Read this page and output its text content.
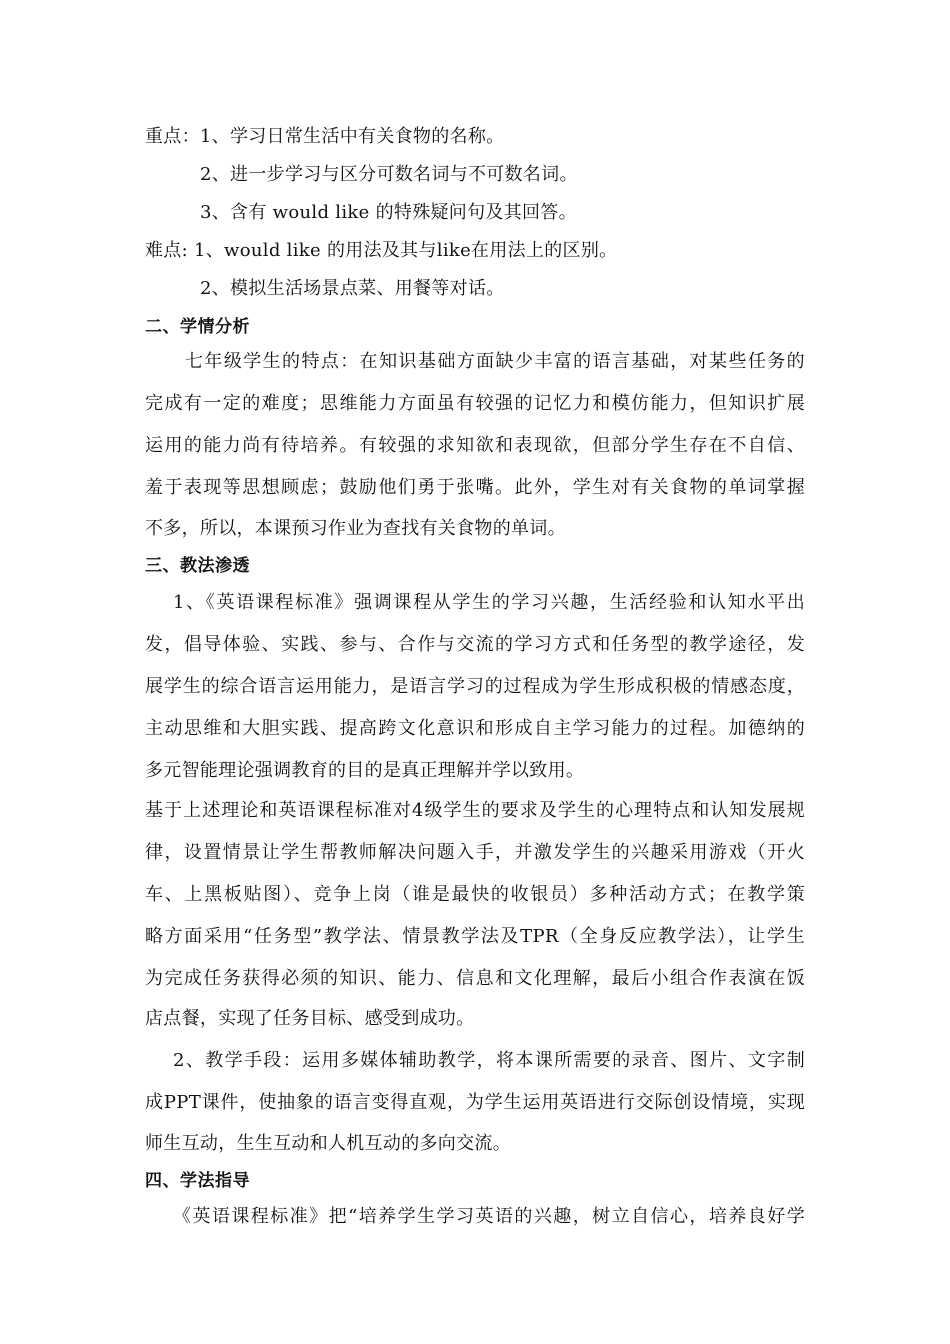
重点：1、学习日常生活中有关食物的名称。
2、进一步学习与区分可数名词与不可数名词。
3、含有 would like 的特殊疑问句及其回答。
难点: 1、would like 的用法及其与like在用法上的区别。
2、模拟生活场景点菜、用餐等对话。
二、学情分析
七年级学生的特点：在知识基础方面缺少丰富的语言基础，对某些任务的
完成有一定的难度；思维能力方面虽有较强的记忆力和模仿能力，但知识扩展
运用的能力尚有待培养。有较强的求知欲和表现欲，但部分学生存在不自信、
羞于表现等思想顾虑；鼓励他们勇于张嘴。此外，学生对有关食物的单词掌握
不多，所以，本课预习作业为查找有关食物的单词。
三、教法渗透
1、《英语课程标准》强调课程从学生的学习兴趣，生活经验和认知水平出
发，倡导体验、实践、参与、合作与交流的学习方式和任务型的教学途径，发
展学生的综合语言运用能力，是语言学习的过程成为学生形成积极的情感态度，
主动思维和大胆实践、提高跨文化意识和形成自主学习能力的过程。加德纳的
多元智能理论强调教育的目的是真正理解并学以致用。
基于上述理论和英语课程标准对4级学生的要求及学生的心理特点和认知发展规
律，设置情景让学生帮教师解决问题入手，并激发学生的兴趣采用游戏（开火
车、上黑板贴图）、竞争上岗（谁是最快的收银员）多种活动方式；在教学策
略方面采用“任务型”教学法、情景教学法及TPR（全身反应教学法），让学生
为完成任务获得必须的知识、能力、信息和文化理解，最后小组合作表演在饭
店点餐，实现了任务目标、感受到成功。
2、教学手段：运用多媒体辅助教学，将本课所需要的录音、图片、文字制
成PPT课件，使抽象的语言变得直观，为学生运用英语进行交际创设情境，实现
师生互动，生生互动和人机互动的多向交流。
四、学法指导
《英语课程标准》把“培养学生学习英语的兴趣，树立自信心，培养良好学
